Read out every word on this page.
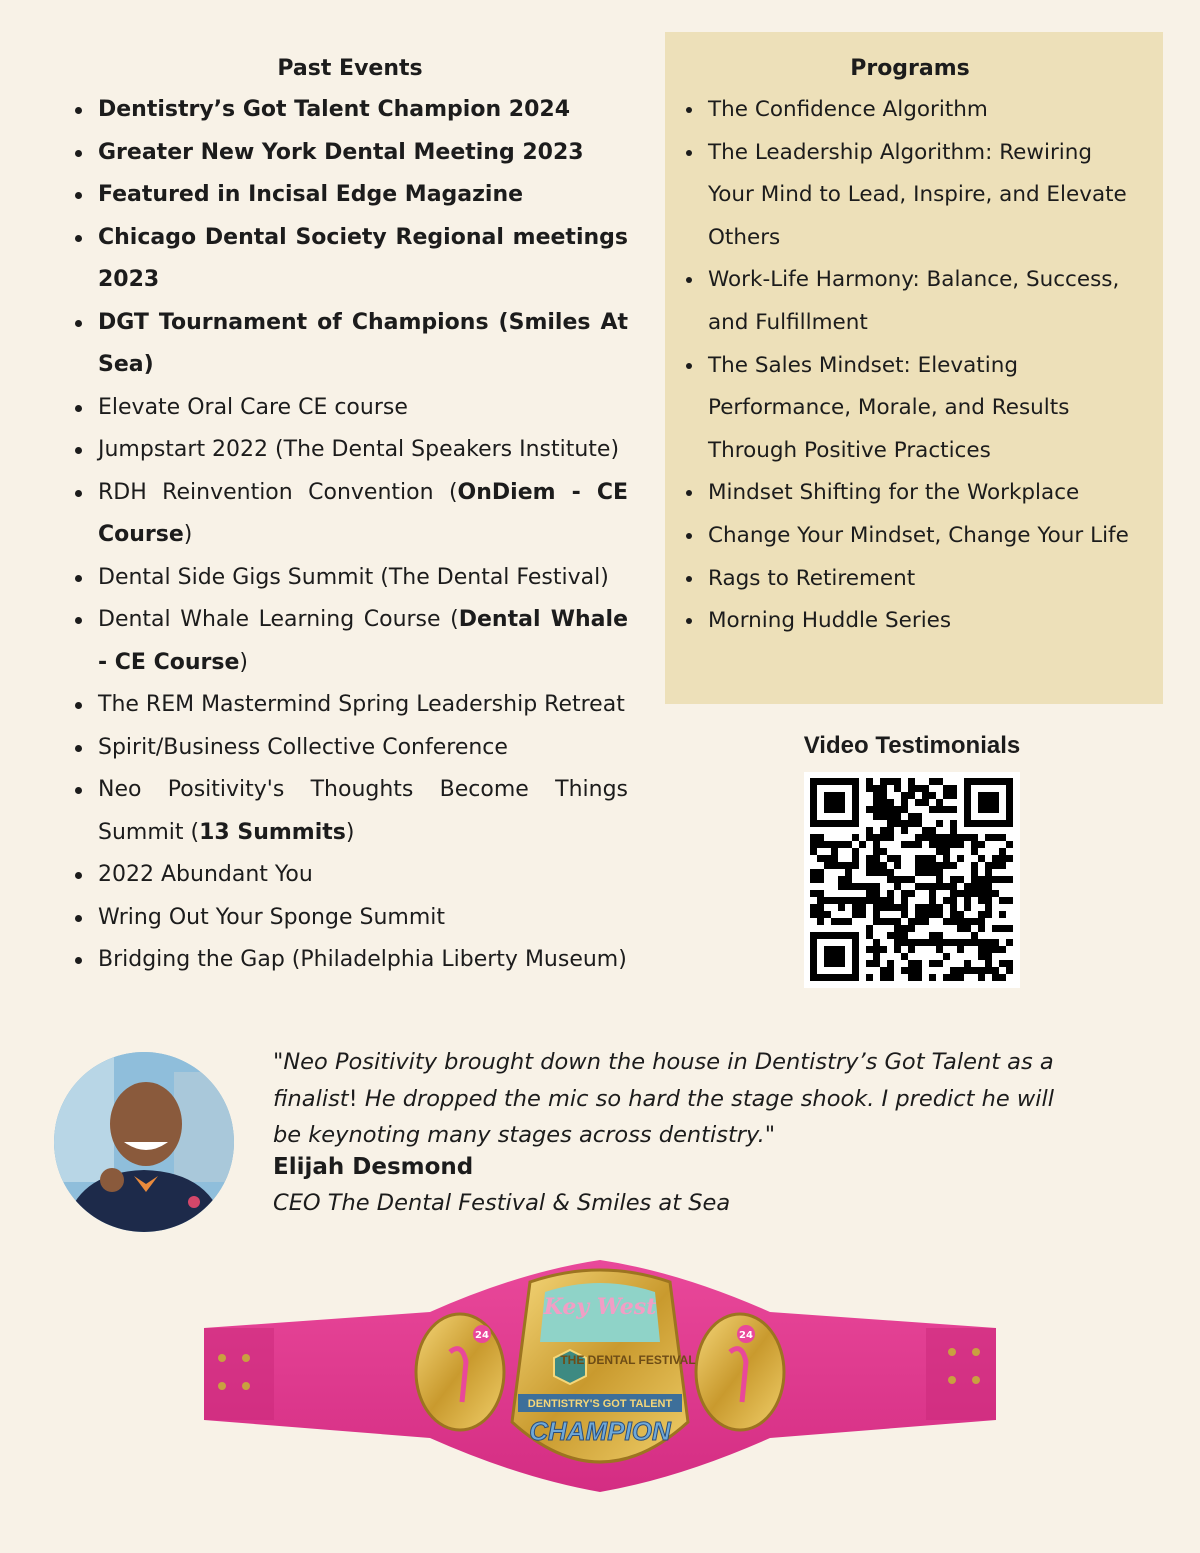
Past Events
Dentistry’s Got Talent Champion 2024
Greater New York Dental Meeting 2023
Featured in Incisal Edge Magazine
Chicago Dental Society Regional meetings 2023
DGT Tournament of Champions (Smiles At Sea)
Elevate Oral Care CE course
Jumpstart 2022 (The Dental Speakers Institute)
RDH Reinvention Convention (OnDiem - CE Course)
Dental Side Gigs Summit (The Dental Festival)
Dental Whale Learning Course (Dental Whale - CE Course)
The REM Mastermind Spring Leadership Retreat
Spirit/Business Collective Conference
Neo Positivity's Thoughts Become Things Summit (13 Summits)
2022 Abundant You
Wring Out Your Sponge Summit
Bridging the Gap (Philadelphia Liberty Museum)
Programs
The Confidence Algorithm
The Leadership Algorithm: Rewiring Your Mind to Lead, Inspire, and Elevate Others
Work-Life Harmony: Balance, Success, and Fulfillment
The Sales Mindset: Elevating Performance, Morale, and Results Through Positive Practices
Mindset Shifting for the Workplace
Change Your Mindset, Change Your Life
Rags to Retirement
Morning Huddle Series
Video Testimonials
"Neo Positivity brought down the house in Dentistry’s Got Talent as a finalist! He dropped the mic so hard the stage shook. I predict he will be keynoting many stages across dentistry."
Elijah Desmond
CEO The Dental Festival & Smiles at Sea
24	24
Key West
THE DENTAL FESTIVAL
DENTISTRY'S GOT TALENT
CHAMPION
